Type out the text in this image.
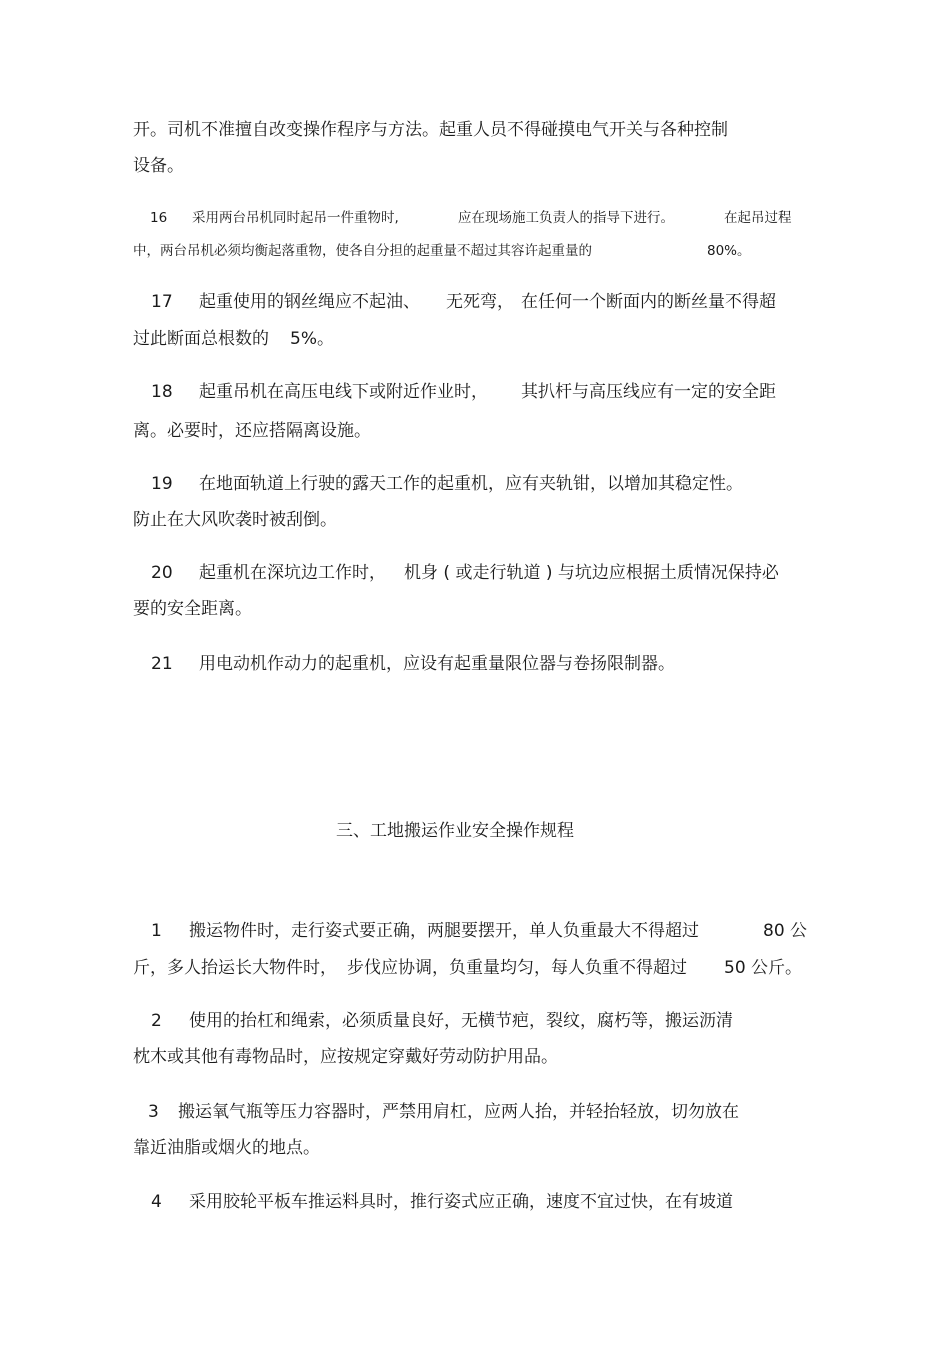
开。司机不准擅自改变操作程序与方法。起重人员不得碰摸电气开关与各种控制
设备。
16 采用两台吊机同时起吊一件重物时,	应在现场施工负责人的指导下进行。	在起吊过程
中，两台吊机必须均衡起落重物，使各自分担的起重量不超过其容许起重量的	80%。
17 起重使用的钢丝绳应不起油、 无死弯， 在任何一个断面内的断丝量不得超
过此断面总根数的 5%。
18 起重吊机在高压电线下或附近作业时， 其扒杆与高压线应有一定的安全距
离。必要时，还应搭隔离设施。
19 在地面轨道上行驶的露天工作的起重机，应有夹轨钳，以增加其稳定性。
防止在大风吹袭时被刮倒。
20 起重机在深坑边工作时， 机身 ( 或走行轨道 ) 与坑边应根据土质情况保持必
要的安全距离。
21 用电动机作动力的起重机，应设有起重量限位器与卷扬限制器。
三、工地搬运作业安全操作规程
1 搬运物件时，走行姿式要正确，两腿要摆开，单人负重最大不得超过	80 公
斤，多人抬运长大物件时， 步伐应协调，负重量均匀，每人负重不得超过 50 公斤。
2 使用的抬杠和绳索，必须质量良好，无横节疤，裂纹，腐朽等，搬运沥清
枕木或其他有毒物品时，应按规定穿戴好劳动防护用品。
3 搬运氧气瓶等压力容器时，严禁用肩杠，应两人抬，并轻抬轻放，切勿放在
靠近油脂或烟火的地点。
4 采用胶轮平板车推运料具时，推行姿式应正确，速度不宜过快，在有坡道
